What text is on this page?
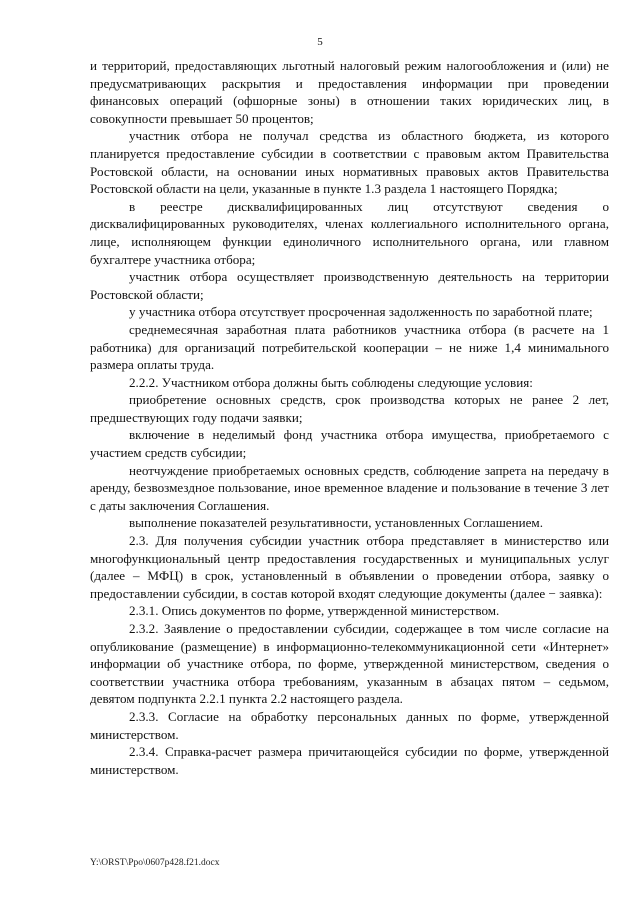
5

и территорий, предоставляющих льготный налоговый режим налогообложения и (или) не предусматривающих раскрытия и предоставления информации при проведении финансовых операций (офшорные зоны) в отношении таких юридических лиц, в совокупности превышает 50 процентов;

участник отбора не получал средства из областного бюджета, из которого планируется предоставление субсидии в соответствии с правовым актом Правительства Ростовской области, на основании иных нормативных правовых актов Правительства Ростовской области на цели, указанные в пункте 1.3 раздела 1 настоящего Порядка;

в реестре дисквалифицированных лиц отсутствуют сведения о дисквалифицированных руководителях, членах коллегиального исполнительного органа, лице, исполняющем функции единоличного исполнительного органа, или главном бухгалтере участника отбора;

участник отбора осуществляет производственную деятельность на территории Ростовской области;

у участника отбора отсутствует просроченная задолженность по заработной плате;

среднемесячная заработная плата работников участника отбора (в расчете на 1 работника) для организаций потребительской кооперации – не ниже 1,4 минимального размера оплаты труда.

2.2.2. Участником отбора должны быть соблюдены следующие условия:

приобретение основных средств, срок производства которых не ранее 2 лет, предшествующих году подачи заявки;

включение в неделимый фонд участника отбора имущества, приобретаемого с участием средств субсидии;

неотчуждение приобретаемых основных средств, соблюдение запрета на передачу в аренду, безвозмездное пользование, иное временное владение и пользование в течение 3 лет с даты заключения Соглашения.

выполнение показателей результативности, установленных Соглашением.

2.3. Для получения субсидии участник отбора представляет в министерство или многофункциональный центр предоставления государственных и муниципальных услуг (далее – МФЦ) в срок, установленный в объявлении о проведении отбора, заявку о предоставлении субсидии, в состав которой входят следующие документы (далее − заявка):

2.3.1. Опись документов по форме, утвержденной министерством.

2.3.2. Заявление о предоставлении субсидии, содержащее в том числе согласие на опубликование (размещение) в информационно-телекоммуникационной сети «Интернет» информации об участнике отбора, по форме, утвержденной министерством, сведения о соответствии участника отбора требованиям, указанным в абзацах пятом – седьмом, девятом подпункта 2.2.1 пункта 2.2 настоящего раздела.

2.3.3. Согласие на обработку персональных данных по форме, утвержденной министерством.

2.3.4. Справка-расчет размера причитающейся субсидии по форме, утвержденной министерством.

Y:\ORST\Ppo\0607p428.f21.docx
